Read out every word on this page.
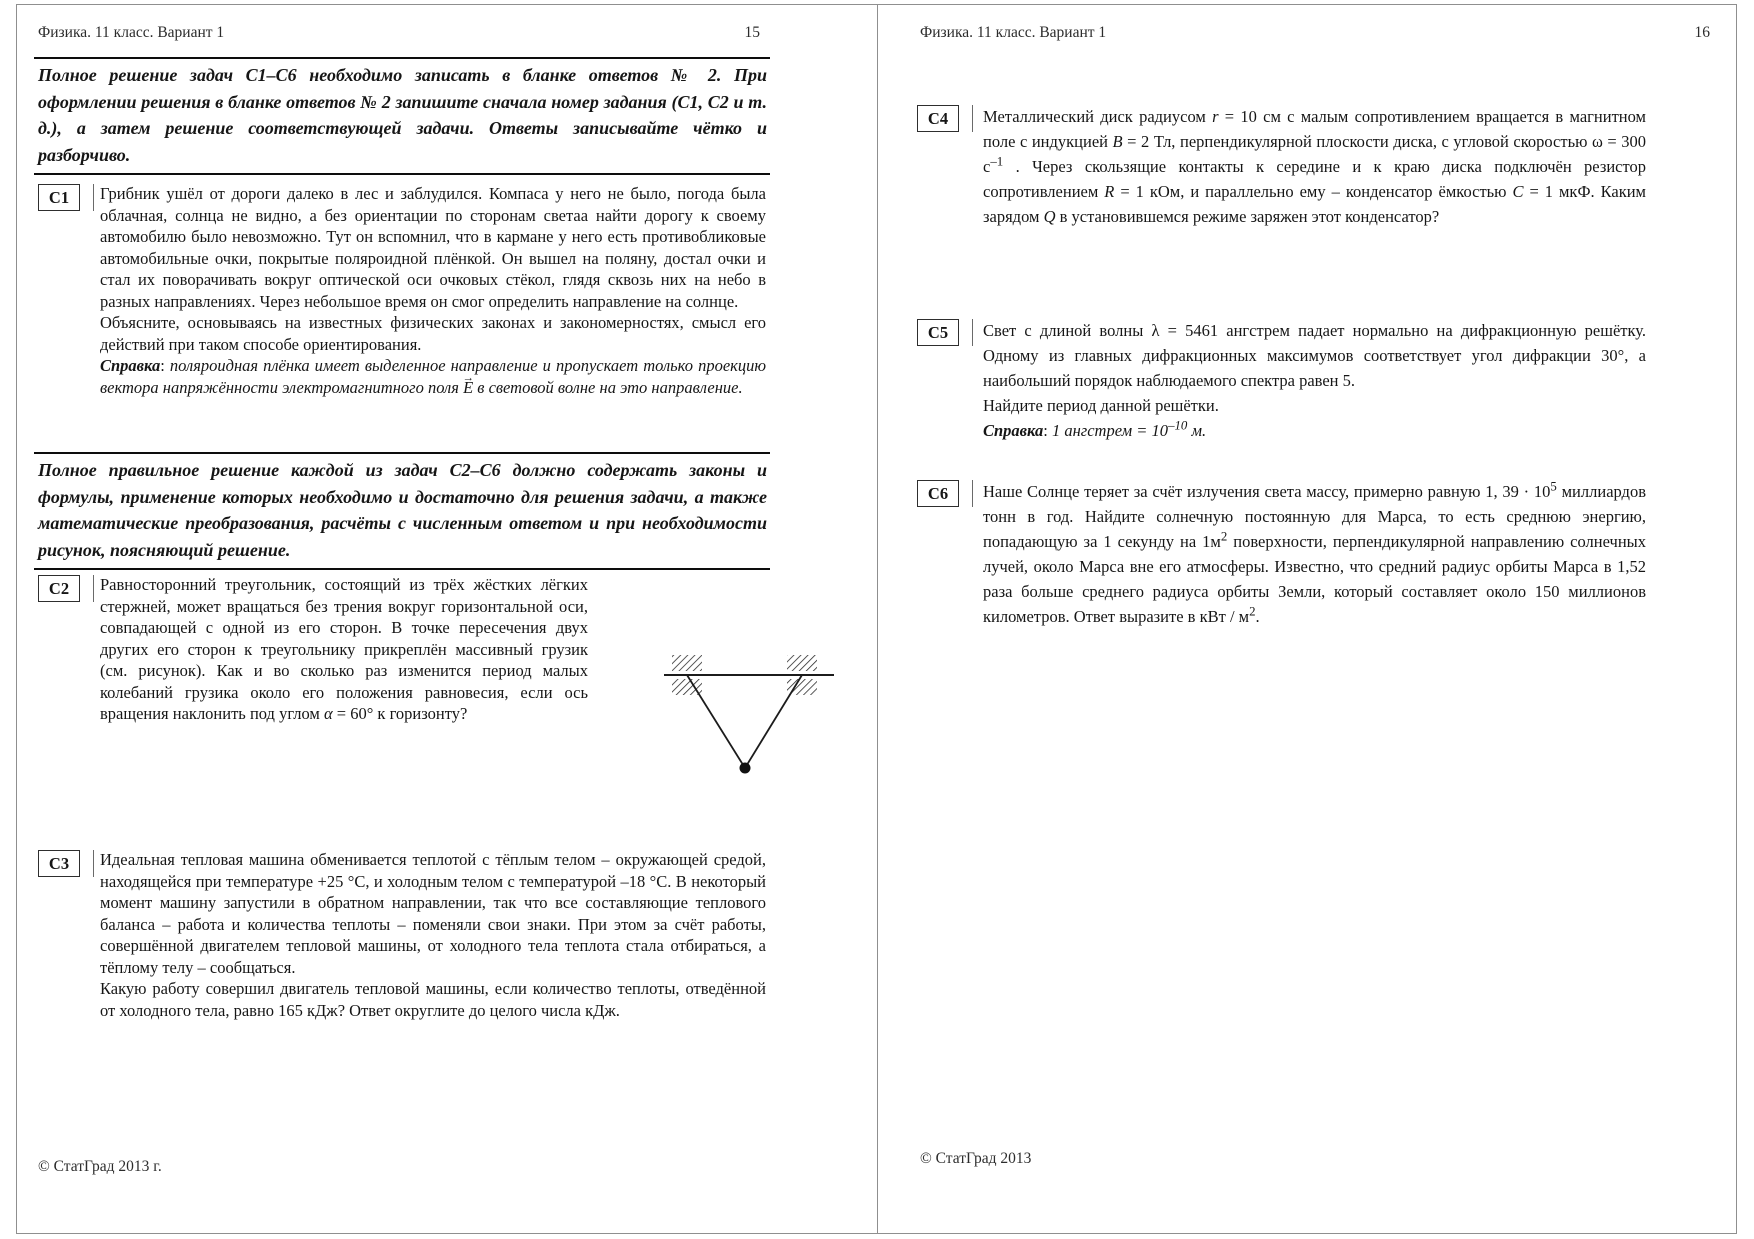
Физика. 11 класс. Вариант 1	15
Полное решение задач С1–С6 необходимо записать в бланке ответов № 2. При оформлении решения в бланке ответов № 2 запишите сначала номер задания (С1, С2 и т. д.), а затем решение соответствующей задачи. Ответы записывайте чётко и разборчиво.
С1 Грибник ушёл от дороги далеко в лес и заблудился. Компаса у него не было, погода была облачная, солнца не видно, а без ориентации по сторонам светаа найти дорогу к своему автомобилю было невозможно. Тут он вспомнил, что в кармане у него есть противобликовые автомобильные очки, покрытые поляроидной плёнкой. Он вышел на поляну, достал очки и стал их поворачивать вокруг оптической оси очковых стёкол, глядя сквозь них на небо в разных направлениях. Через небольшое время он смог определить направление на солнце.
Объясните, основываясь на известных физических законах и закономерностях, смысл его действий при таком способе ориентирования.
Справка: поляроидная плёнка имеет выделенное направление и пропускает только проекцию вектора напряжённости электромагнитного поля Е → в световой волне на это направление.
Полное правильное решение каждой из задач С2–С6 должно содержать законы и формулы, применение которых необходимо и достаточно для решения задачи, а также математические преобразования, расчёты с численным ответом и при необходимости рисунок, поясняющий решение.
С2 Равносторонний треугольник, состоящий из трёх жёстких лёгких стержней, может вращаться без трения вокруг горизонтальной оси, совпадающей с одной из его сторон. В точке пересечения двух других его сторон к треугольнику прикреплён массивный грузик (см. рисунок). Как и во сколько раз изменится период малых колебаний грузика около его положения равновесия, если ось вращения наклонить под углом α = 60° к горизонту?
С3 Идеальная тепловая машина обменивается теплотой с тёплым телом – окружающей средой, находящейся при температуре +25 °С, и холодным телом с температурой –18 °С. В некоторый момент машину запустили в обратном направлении, так что все составляющие теплового баланса – работа и количества теплоты – поменяли свои знаки. При этом за счёт работы, совершённой двигателем тепловой машины, от холодного тела теплота стала отбираться, а тёплому телу – сообщаться.
Какую работу совершил двигатель тепловой машины, если количество теплоты, отведённой от холодного тела, равно 165 кДж? Ответ округлите до целого числа кДж.
© СтатГрад 2013 г.
Физика. 11 класс. Вариант 1	16
С4 Металлический диск радиусом r = 10 см с малым сопротивлением вращается в магнитном поле с индукцией B = 2 Тл, перпендикулярной плоскости диска, с угловой скоростью ω = 300 $с^{-1}$ . Через скользящие контакты к середине и к краю диска подключён резистор сопротивлением R = 1 кОм, и параллельно ему – конденсатор ёмкостью C = 1 мкФ. Каким зарядом Q в установившемся режиме заряжен этот конденсатор?
С5 Свет с длиной волны λ = 5461 ангстрем падает нормально на дифракционную решётку. Одному из главных дифракционных максимумов соответствует угол дифракции 30°, а наибольший порядок наблюдаемого спектра равен 5.
Найдите период данной решётки.
Справка: 1 ангстрем = $10^{-10}$ м.
С6 Наше Солнце теряет за счёт излучения света массу, примерно равную 1, $39 \cdot 10^5$ миллиардов тонн в год. Найдите солнечную постоянную для Марса, то есть среднюю энергию, попадающую за 1 секунду на $1м^2$ поверхности, перпендикулярной направлению солнечных лучей, около Марса вне его атмосферы. Известно, что средний радиус орбиты Марса в 1,52 раза больше среднего радиуса орбиты Земли, который составляет около 150 миллионов километров. Ответ выразите в кВт / $м^2$.
© СтатГрад 2013
